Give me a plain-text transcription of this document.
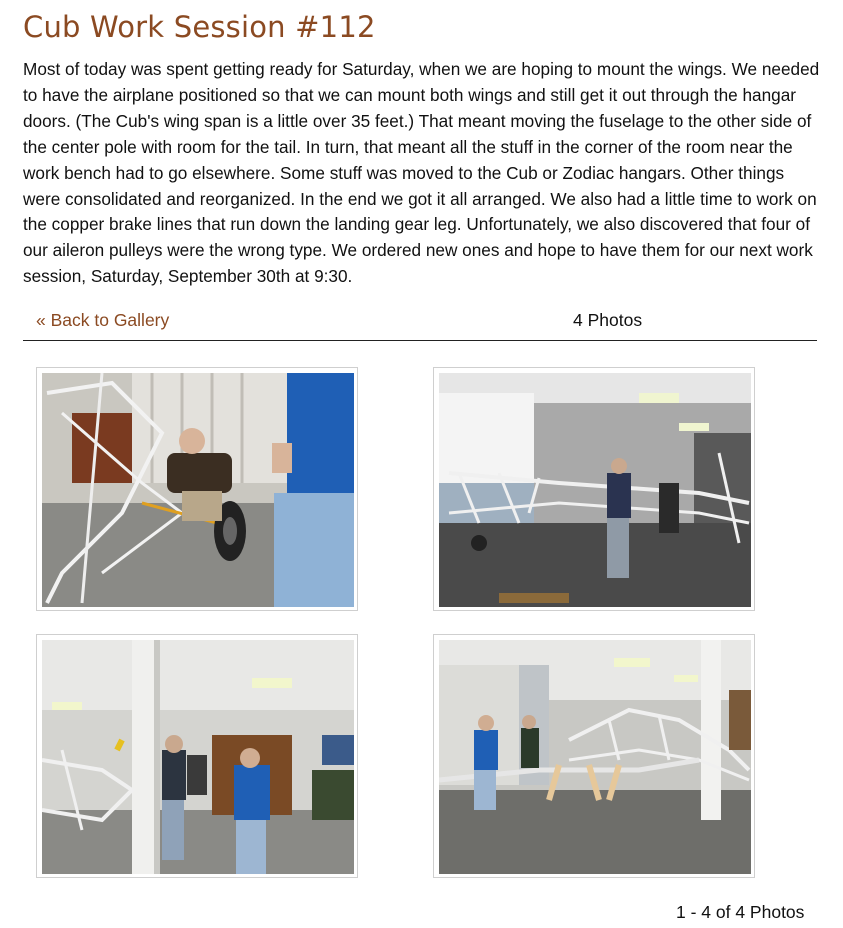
Cub Work Session #112

Most of today was spent getting ready for Saturday, when we are hoping to mount the wings. We needed to have the airplane positioned so that we can mount both wings and still get it out through the hangar doors. (The Cub's wing span is a little over 35 feet.) That meant moving the fuselage to the other side of the center pole with room for the tail. In turn, that meant all the stuff in the corner of the room near the work bench had to go elsewhere. Some stuff was moved to the Cub or Zodiac hangars. Other things were consolidated and reorganized. In the end we got it all arranged. We also had a little time to work on the copper brake lines that run down the landing gear leg. Unfortunately, we also discovered that four of our aileron pulleys were the wrong type. We ordered new ones and hope to have them for our next work session, Saturday, September 30th at 9:30.

« Back to Gallery	4 Photos
1 - 4 of 4 Photos
